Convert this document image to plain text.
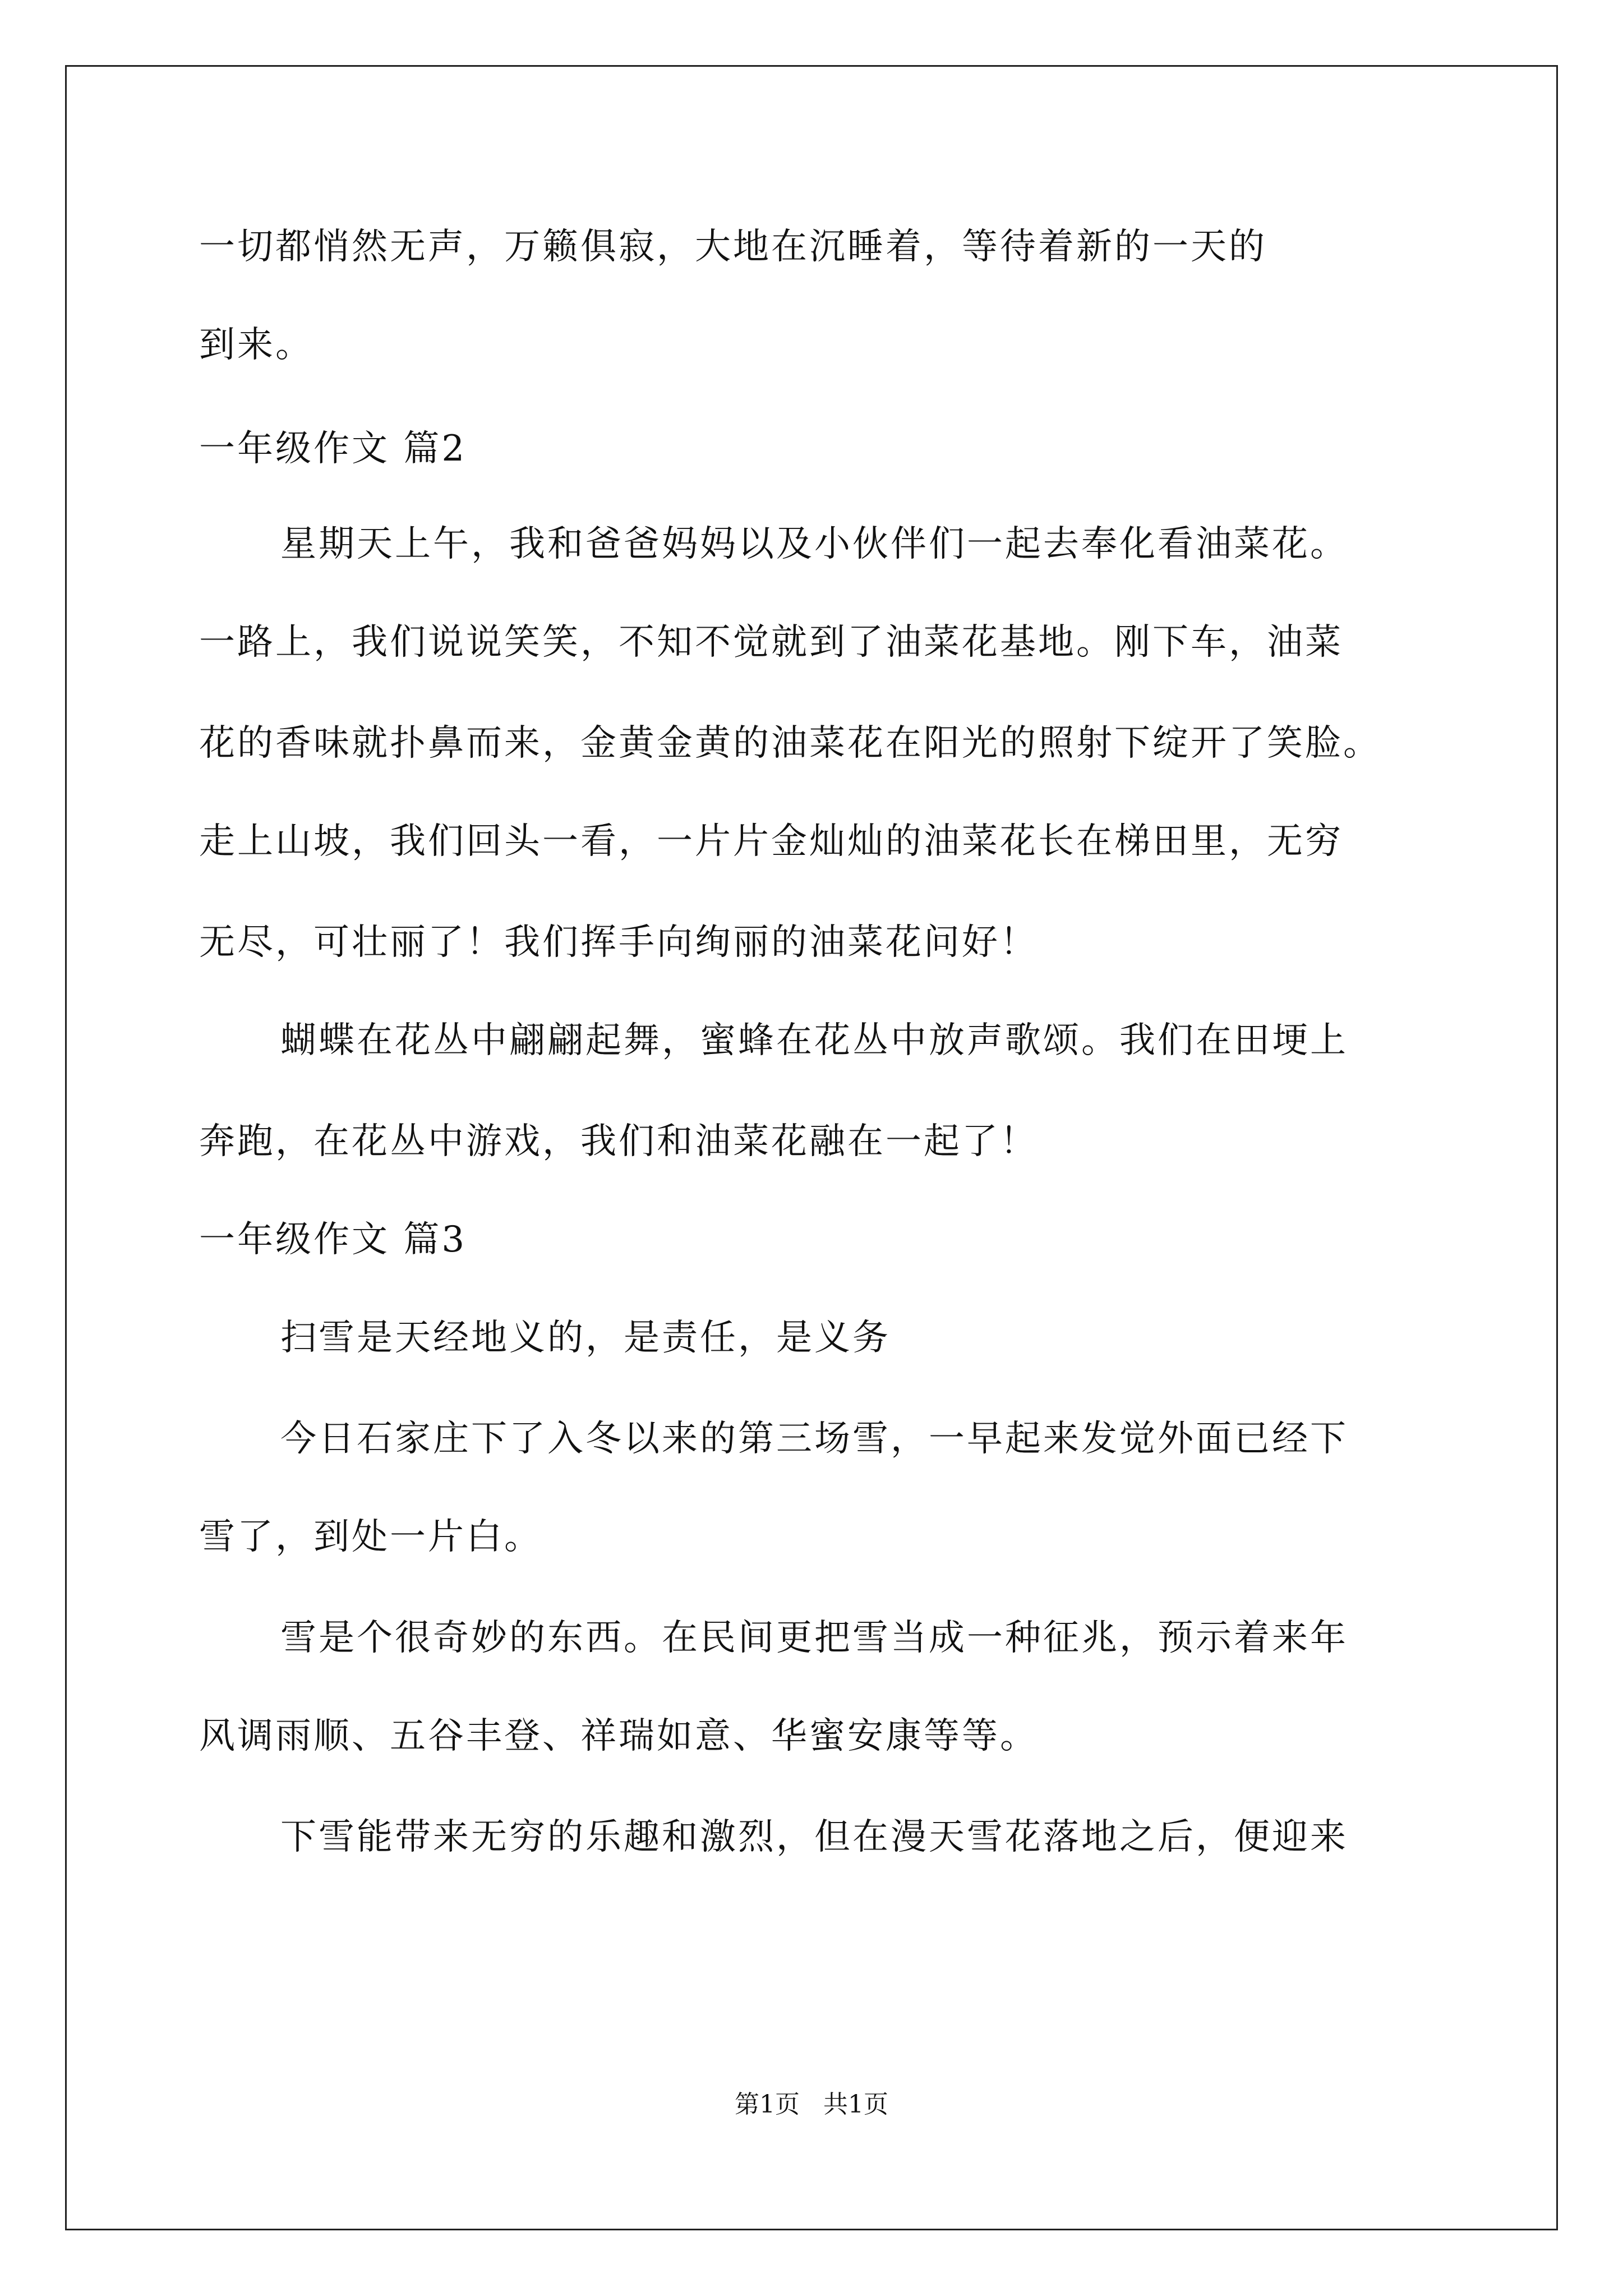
一切都悄然无声，万籁俱寂，大地在沉睡着，等待着新的一天的

到来。

一年级作文 篇2

星期天上午，我和爸爸妈妈以及小伙伴们一起去奉化看油菜花。

一路上，我们说说笑笑，不知不觉就到了油菜花基地。刚下车，油菜

花的香味就扑鼻而来，金黄金黄的油菜花在阳光的照射下绽开了笑脸。

走上山坡，我们回头一看，一片片金灿灿的油菜花长在梯田里，无穷

无尽，可壮丽了！我们挥手向绚丽的油菜花问好！

蝴蝶在花丛中翩翩起舞，蜜蜂在花丛中放声歌颂。我们在田埂上

奔跑，在花丛中游戏，我们和油菜花融在一起了！

一年级作文 篇3

扫雪是天经地义的，是责任，是义务

今日石家庄下了入冬以来的第三场雪，一早起来发觉外面已经下

雪了，到处一片白。

雪是个很奇妙的东西。在民间更把雪当成一种征兆，预示着来年

风调雨顺、五谷丰登、祥瑞如意、华蜜安康等等。

下雪能带来无穷的乐趣和激烈，但在漫天雪花落地之后，便迎来

第1页   共1页
